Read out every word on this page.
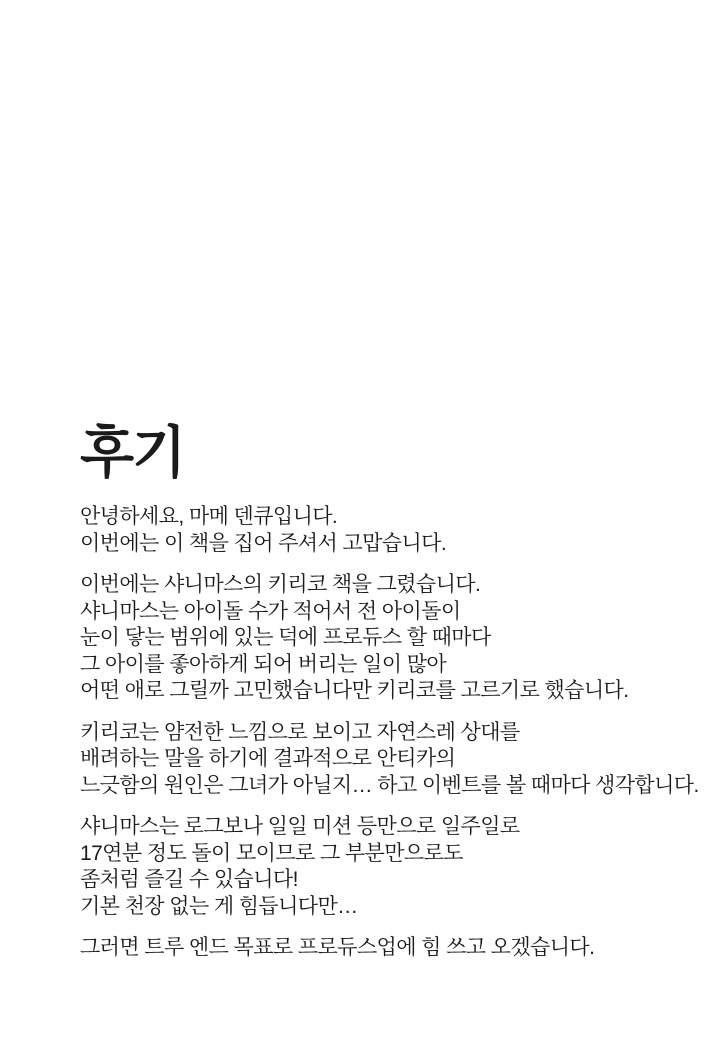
후기

안녕하세요, 마메 덴큐입니다.
이번에는 이 책을 집어 주셔서 고맙습니다.

이번에는 샤니마스의 키리코 책을 그렸습니다.
샤니마스는 아이돌 수가 적어서 전 아이돌이
눈이 닿는 범위에 있는 덕에 프로듀스 할 때마다
그 아이를 좋아하게 되어 버리는 일이 많아
어떤 애로 그릴까 고민했습니다만 키리코를 고르기로 했습니다.

키리코는 얌전한 느낌으로 보이고 자연스레 상대를
배려하는 말을 하기에 결과적으로 안티카의
느긋함의 원인은 그녀가 아닐지… 하고 이벤트를 볼 때마다 생각합니다.

샤니마스는 로그보나 일일 미션 등만으로 일주일로
17연분 정도 돌이 모이므로 그 부분만으로도
좀처럼 즐길 수 있습니다!
기본 천장 없는 게 힘듭니다만…

그러면 트루 엔드 목표로 프로듀스업에 힘 쓰고 오겠습니다.
